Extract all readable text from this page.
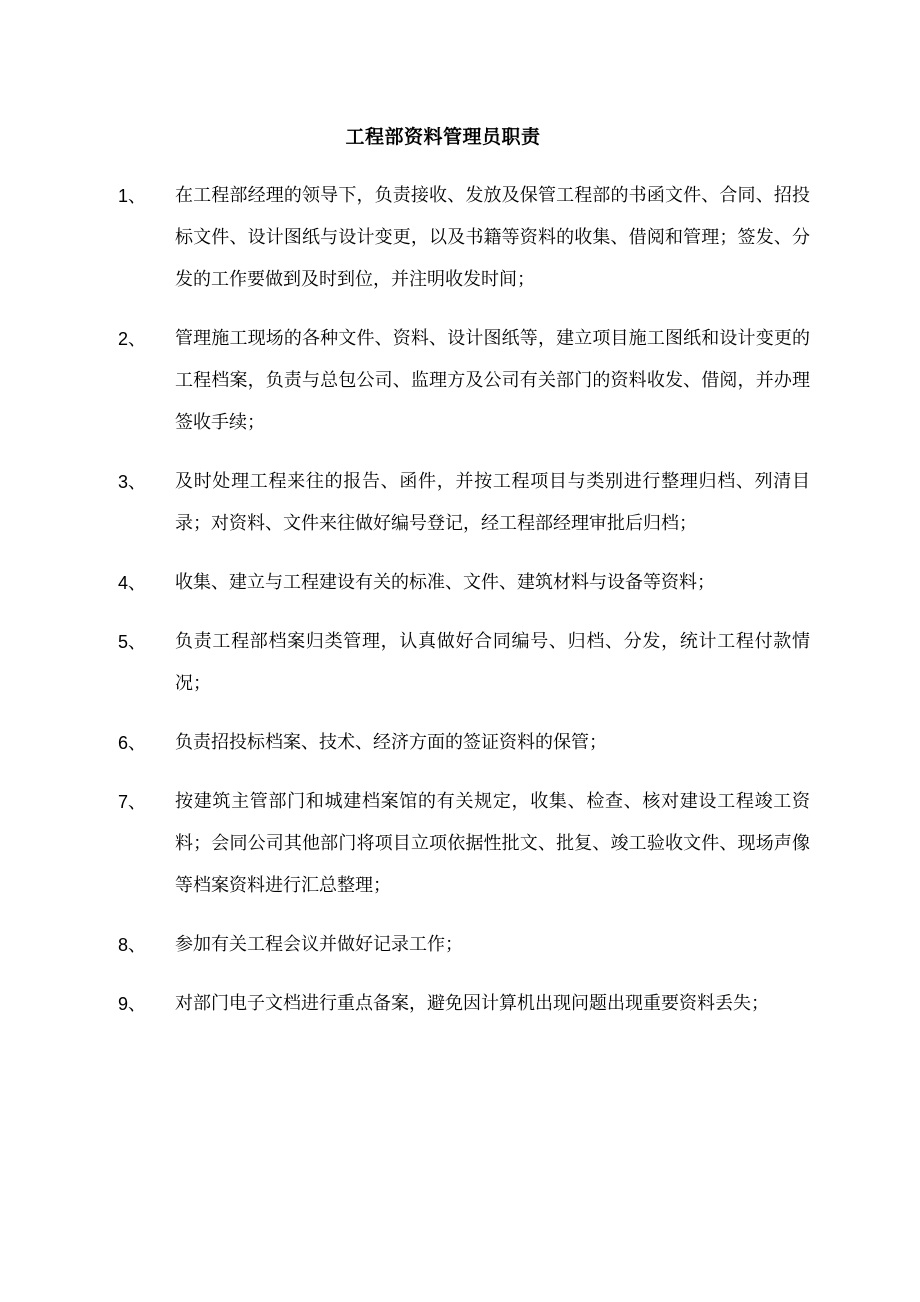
工程部资料管理员职责
1、 在工程部经理的领导下，负责接收、发放及保管工程部的书函文件、合同、招投标文件、设计图纸与设计变更，以及书籍等资料的收集、借阅和管理；签发、分发的工作要做到及时到位，并注明收发时间；
2、 管理施工现场的各种文件、资料、设计图纸等，建立项目施工图纸和设计变更的工程档案，负责与总包公司、监理方及公司有关部门的资料收发、借阅，并办理签收手续；
3、 及时处理工程来往的报告、函件，并按工程项目与类别进行整理归档、列清目录；对资料、文件来往做好编号登记，经工程部经理审批后归档；
4、 收集、建立与工程建设有关的标准、文件、建筑材料与设备等资料；
5、 负责工程部档案归类管理，认真做好合同编号、归档、分发，统计工程付款情况；
6、 负责招投标档案、技术、经济方面的签证资料的保管；
7、 按建筑主管部门和城建档案馆的有关规定，收集、检查、核对建设工程竣工资料；会同公司其他部门将项目立项依据性批文、批复、竣工验收文件、现场声像等档案资料进行汇总整理；
8、 参加有关工程会议并做好记录工作；
9、 对部门电子文档进行重点备案，避免因计算机出现问题出现重要资料丢失；
